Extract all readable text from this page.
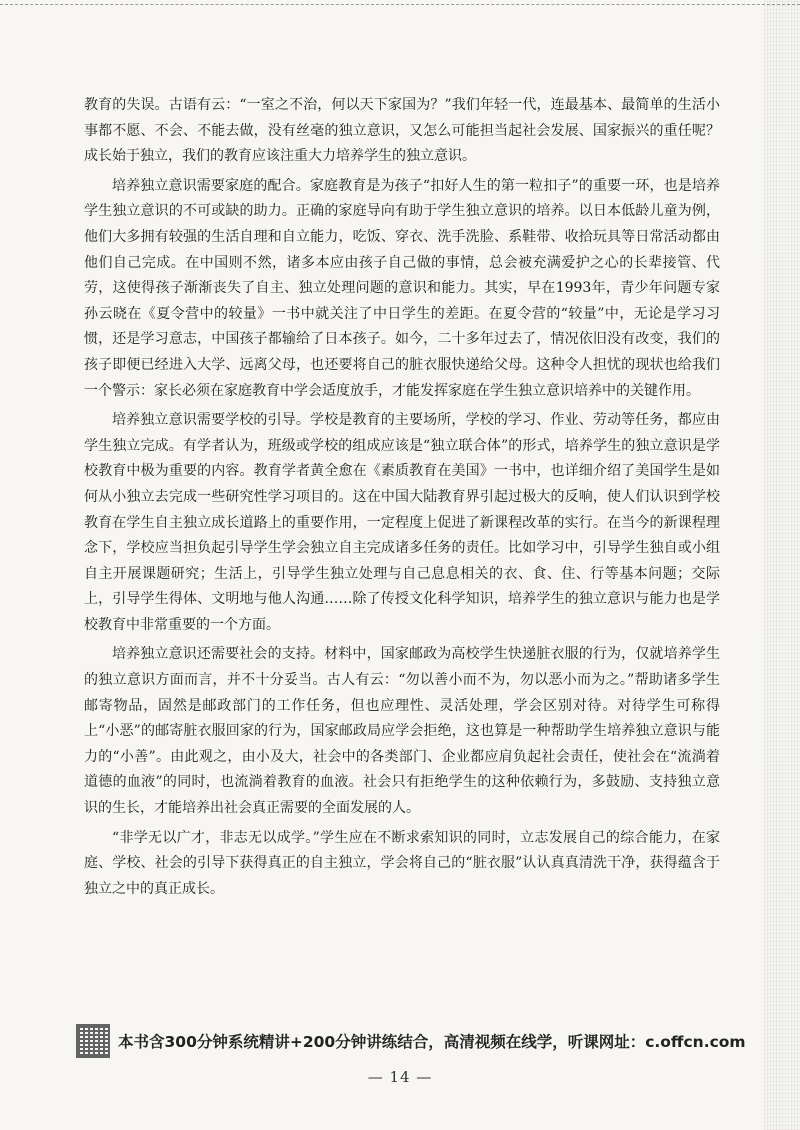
教育的失误。古语有云：“一室之不治，何以天下家国为？”我们年轻一代，连最基本、最简单的生活小事都不愿、不会、不能去做，没有丝毫的独立意识，又怎么可能担当起社会发展、国家振兴的重任呢？成长始于独立，我们的教育应该注重大力培养学生的独立意识。

培养独立意识需要家庭的配合。家庭教育是为孩子“扣好人生的第一粒扣子”的重要一环，也是培养学生独立意识的不可或缺的助力。正确的家庭导向有助于学生独立意识的培养。以日本低龄儿童为例，他们大多拥有较强的生活自理和自立能力，吃饭、穿衣、洗手洗脸、系鞋带、收拾玩具等日常活动都由他们自己完成。在中国则不然，诸多本应由孩子自己做的事情，总会被充满爱护之心的长辈接管、代劳，这使得孩子渐渐丧失了自主、独立处理问题的意识和能力。其实，早在1993年，青少年问题专家孙云晓在《夏令营中的较量》一书中就关注了中日学生的差距。在夏令营的“较量”中，无论是学习习惯，还是学习意志，中国孩子都输给了日本孩子。如今，二十多年过去了，情况依旧没有改变，我们的孩子即便已经进入大学、远离父母，也还要将自己的脏衣服快递给父母。这种令人担忧的现状也给我们一个警示：家长必须在家庭教育中学会适度放手，才能发挥家庭在学生独立意识培养中的关键作用。

培养独立意识需要学校的引导。学校是教育的主要场所，学校的学习、作业、劳动等任务，都应由学生独立完成。有学者认为，班级或学校的组成应该是“独立联合体”的形式，培养学生的独立意识是学校教育中极为重要的内容。教育学者黄全愈在《素质教育在美国》一书中，也详细介绍了美国学生是如何从小独立去完成一些研究性学习项目的。这在中国大陆教育界引起过极大的反响，使人们认识到学校教育在学生自主独立成长道路上的重要作用，一定程度上促进了新课程改革的实行。在当今的新课程理念下，学校应当担负起引导学生学会独立自主完成诸多任务的责任。比如学习中，引导学生独自或小组自主开展课题研究；生活上，引导学生独立处理与自己息息相关的衣、食、住、行等基本问题；交际上，引导学生得体、文明地与他人沟通……除了传授文化科学知识，培养学生的独立意识与能力也是学校教育中非常重要的一个方面。

培养独立意识还需要社会的支持。材料中，国家邮政为高校学生快递脏衣服的行为，仅就培养学生的独立意识方面而言，并不十分妥当。古人有云：“勿以善小而不为，勿以恶小而为之。”帮助诸多学生邮寄物品，固然是邮政部门的工作任务，但也应理性、灵活处理，学会区别对待。对待学生可称得上“小恶”的邮寄脏衣服回家的行为，国家邮政局应学会拒绝，这也算是一种帮助学生培养独立意识与能力的“小善”。由此观之，由小及大，社会中的各类部门、企业都应肩负起社会责任，使社会在“流淌着道德的血液”的同时，也流淌着教育的血液。社会只有拒绝学生的这种依赖行为，多鼓励、支持独立意识的生长，才能培养出社会真正需要的全面发展的人。

“非学无以广才，非志无以成学。”学生应在不断求索知识的同时，立志发展自己的综合能力，在家庭、学校、社会的引导下获得真正的自主独立，学会将自己的“脏衣服”认认真真清洗干净，获得蕴含于独立之中的真正成长。

本书含300分钟系统精讲+200分钟讲练结合，高清视频在线学，听课网址：c.offcn.com
— 14 —
